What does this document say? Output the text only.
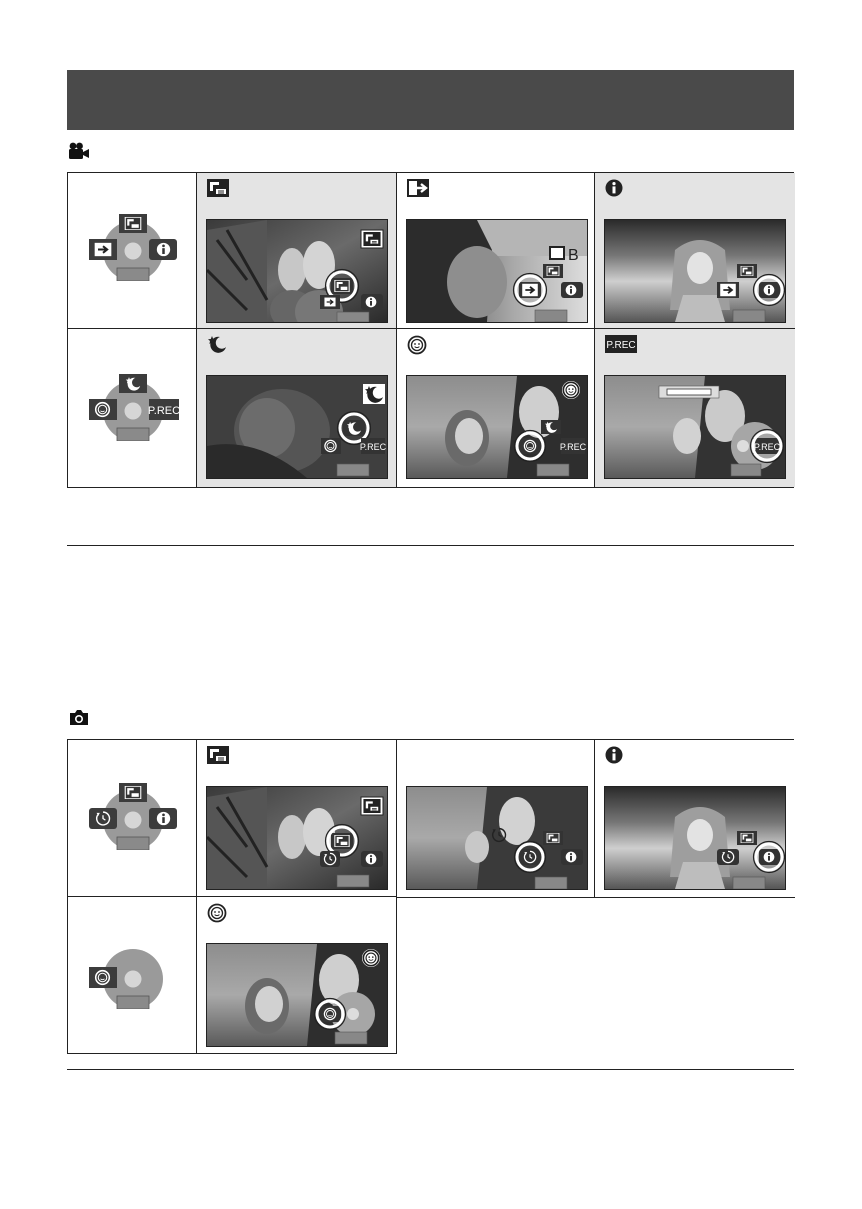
B
P.REC
P.REC	P.REC
P.REC
P.REC
